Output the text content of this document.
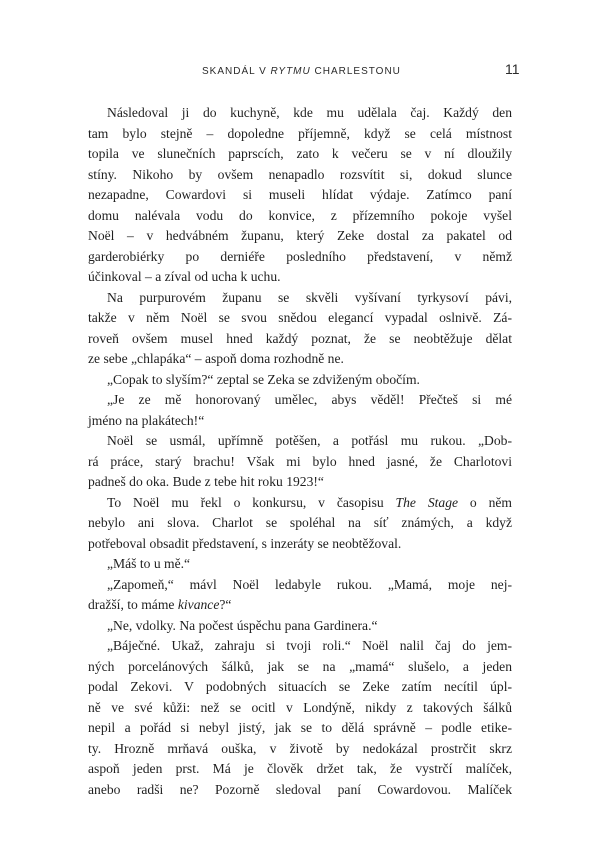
SKANDÁL V RYTMU CHARLESTONU	11
Následoval ji do kuchyně, kde mu udělala čaj. Každý den
tam bylo stejně – dopoledne příjemně, když se celá místnost
topila ve slunečních paprscích, zato k večeru se v ní dloužily
stíny. Nikoho by ovšem nenapadlo rozsvítit si, dokud slunce
nezapadne, Cowardovi si museli hlídat výdaje. Zatímco paní
domu nalévala vodu do konvice, z přízemního pokoje vyšel
Noël – v hedvábném županu, který Zeke dostal za pakatel od
garderobiérky po derniéře posledního představení, v němž
účinkoval – a zíval od ucha k uchu.
Na purpurovém županu se skvěli vyšívaní tyrkysoví pávi,
takže v něm Noël se svou snědou elegancí vypadal oslnivě. Zá-
roveň ovšem musel hned každý poznat, že se neobtěžuje dělat
ze sebe „chlapáka“ – aspoň doma rozhodně ne.
„Copak to slyším?“ zeptal se Zeka se zdviženým obočím.
„Je ze mě honorovaný umělec, abys věděl! Přečteš si mé
jméno na plakátech!“
Noël se usmál, upřímně potěšen, a potřásl mu rukou. „Dob-
rá práce, starý brachu! Však mi bylo hned jasné, že Charlotovi
padneš do oka. Bude z tebe hit roku 1923!“
To Noël mu řekl o konkursu, v časopisu The Stage o něm
nebylo ani slova. Charlot se spoléhal na síť známých, a když
potřeboval obsadit představení, s inzeráty se neobtěžoval.
„Máš to u mě.“
„Zapomeň,“ mávl Noël ledabyle rukou. „Mamá, moje nej-
dražší, to máme kivance?“
„Ne, vdolky. Na počest úspěchu pana Gardinera.“
„Báječné. Ukaž, zahraju si tvoji roli.“ Noël nalil čaj do jem-
ných porcelánových šálků, jak se na „mamá“ slušelo, a jeden
podal Zekovi. V podobných situacích se Zeke zatím necítil úpl-
ně ve své kůži: než se ocitl v Londýně, nikdy z takových šálků
nepil a pořád si nebyl jistý, jak se to dělá správně – podle etike-
ty. Hrozně mrňavá ouška, v životě by nedokázal prostrčit skrz
aspoň jeden prst. Má je člověk držet tak, že vystrčí malíček,
anebo radši ne? Pozorně sledoval paní Cowardovou. Malíček
